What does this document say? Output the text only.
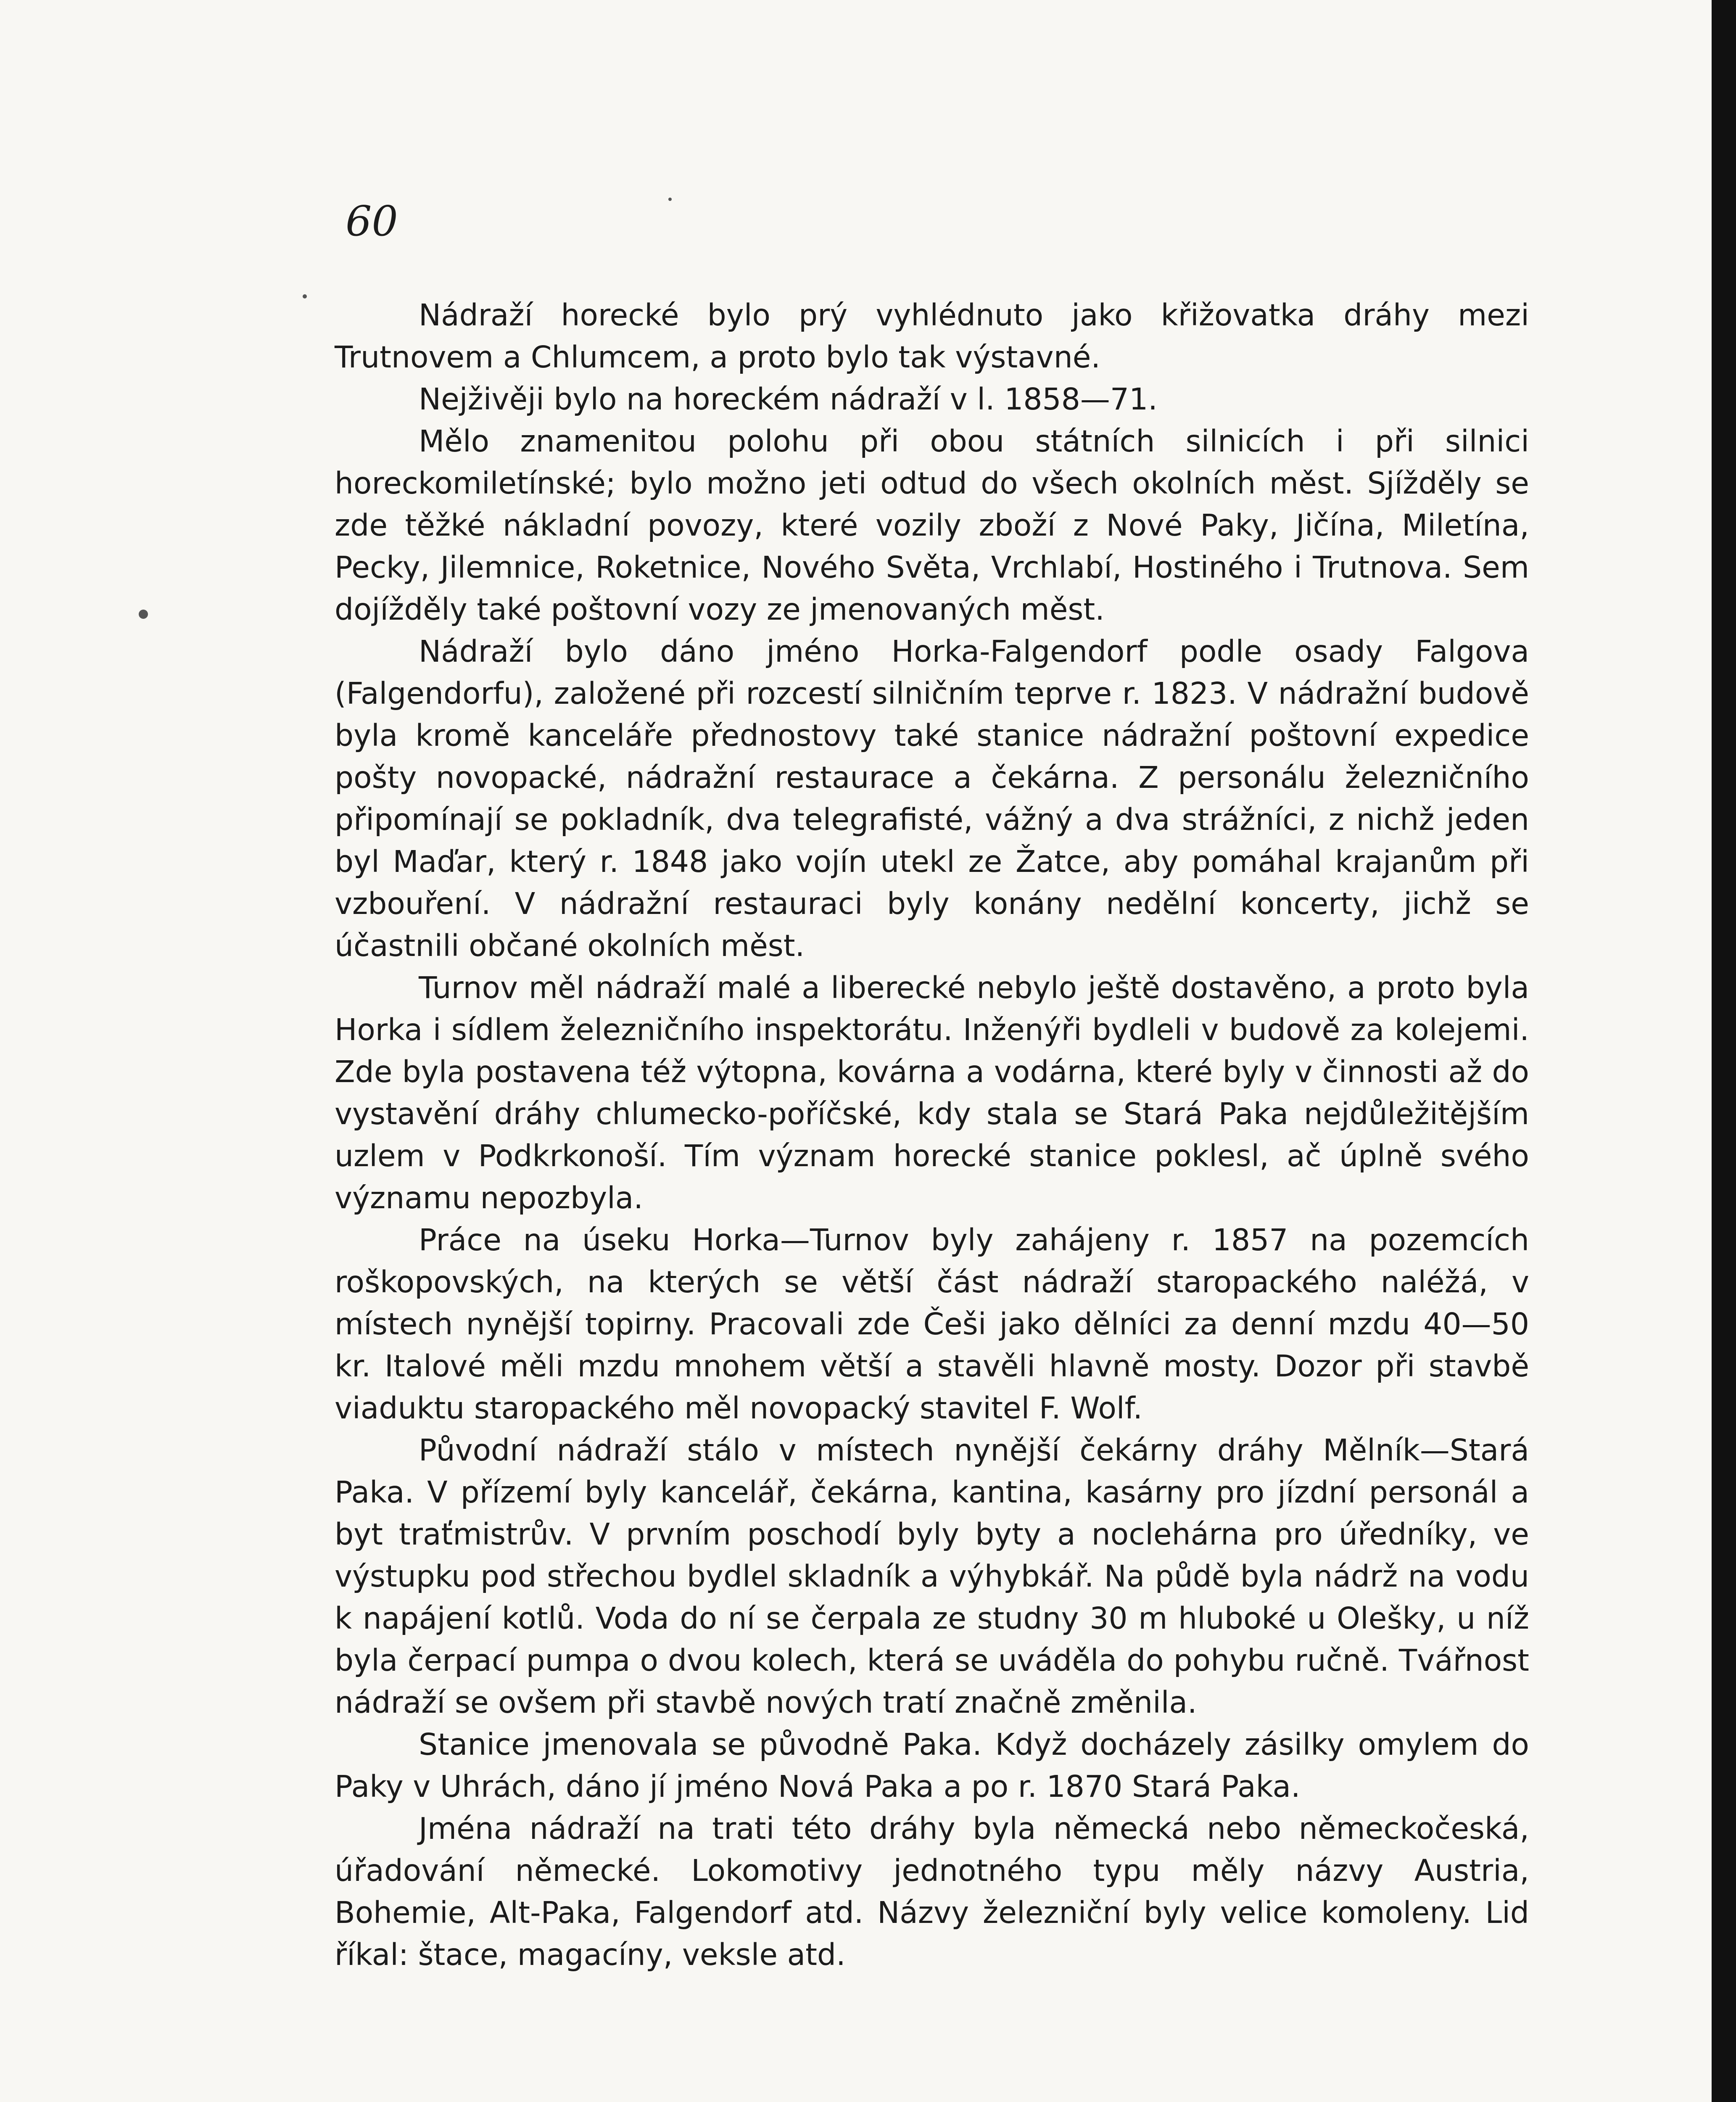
60

Nádraží horecké bylo prý vyhlédnuto jako křižovatka dráhy mezi Trutnovem a Chlumcem, a proto bylo tak výstavné.

Nejživěji bylo na horeckém nádraží v l. 1858—71.

Mělo znamenitou polohu při obou státních silnicích i při silnici horeckomiletínské; bylo možno jeti odtud do všech okolních měst. Sjížděly se zde těžké nákladní povozy, které vozily zboží z Nové Paky, Jičína, Miletína, Pecky, Jilemnice, Roketnice, Nového Světa, Vrchlabí, Hostiného i Trutnova. Sem dojížděly také poštovní vozy ze jmenovaných měst.

Nádraží bylo dáno jméno Horka-Falgendorf podle osady Falgova (Falgendorfu), založené při rozcestí silničním teprve r. 1823. V nádražní budově byla kromě kanceláře přednostovy také stanice nádražní poštovní expedice pošty novopacké, nádražní restaurace a čekárna. Z personálu železničního připomínají se pokladník, dva telegrafisté, vážný a dva strážníci, z nichž jeden byl Maďar, který r. 1848 jako vojín utekl ze Žatce, aby pomáhal krajanům při vzbouření. V nádražní restauraci byly konány nedělní koncerty, jichž se účastnili občané okolních měst.

Turnov měl nádraží malé a liberecké nebylo ještě dostavěno, a proto byla Horka i sídlem železničního inspektorátu. Inženýři bydleli v budově za kolejemi. Zde byla postavena též výtopna, kovárna a vodárna, které byly v činnosti až do vystavění dráhy chlumecko-poříčské, kdy stala se Stará Paka nejdůležitějším uzlem v Podkrkonoší. Tím význam horecké stanice poklesl, ač úplně svého významu nepozbyla.

Práce na úseku Horka—Turnov byly zahájeny r. 1857 na pozemcích roškopovských, na kterých se větší část nádraží staropackého naléžá, v místech nynější topirny. Pracovali zde Češi jako dělníci za denní mzdu 40—50 kr. Italové měli mzdu mnohem větší a stavěli hlavně mosty. Dozor při stavbě viaduktu staropackého měl novopacký stavitel F. Wolf.

Původní nádraží stálo v místech nynější čekárny dráhy Mělník—Stará Paka. V přízemí byly kancelář, čekárna, kantina, kasárny pro jízdní personál a byt traťmistrův. V prvním poschodí byly byty a noclehárna pro úředníky, ve výstupku pod střechou bydlel skladník a výhybkář. Na půdě byla nádrž na vodu k napájení kotlů. Voda do ní se čerpala ze studny 30 m hluboké u Olešky, u níž byla čerpací pumpa o dvou kolech, která se uváděla do pohybu ručně. Tvářnost nádraží se ovšem při stavbě nových tratí značně změnila.

Stanice jmenovala se původně Paka. Když docházely zásilky omylem do Paky v Uhrách, dáno jí jméno Nová Paka a po r. 1870 Stará Paka.

Jména nádraží na trati této dráhy byla německá nebo německočeská, úřadování německé. Lokomotivy jednotného typu měly názvy Austria, Bohemie, Alt-Paka, Falgendorf atd. Názvy železniční byly velice komoleny. Lid říkal: štace, magacíny, veksle atd.
